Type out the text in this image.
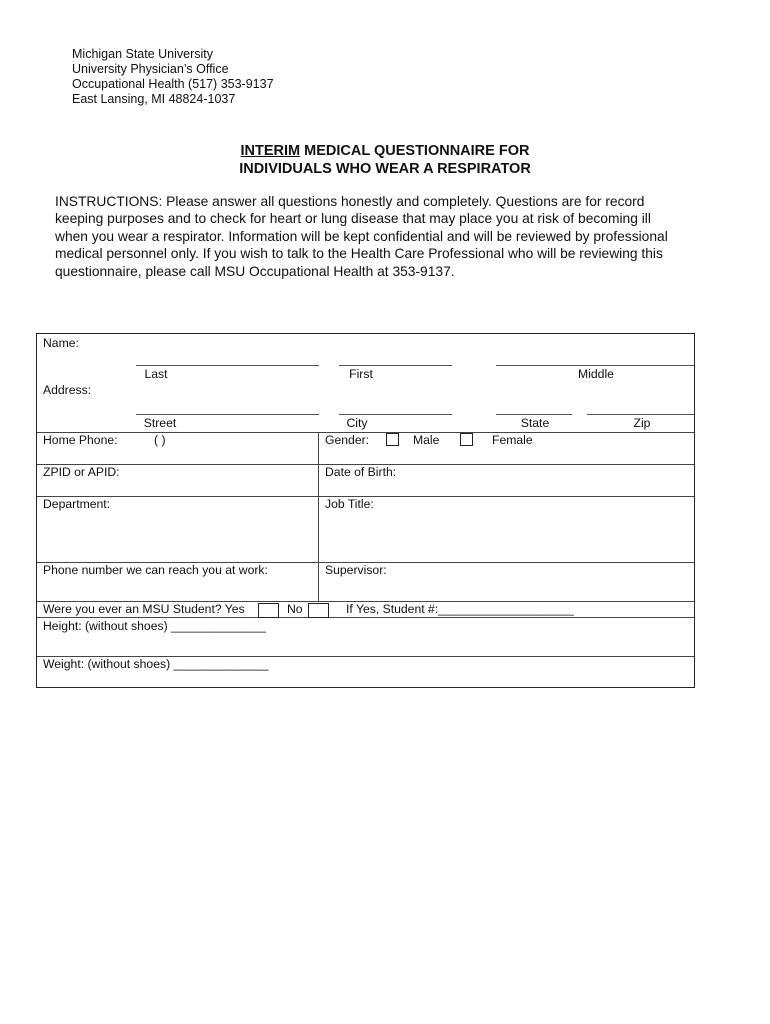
Michigan State University
University Physician’s Office
Occupational Health (517) 353-9137
East Lansing, MI 48824-1037
INTERIM MEDICAL QUESTIONNAIRE FOR
INDIVIDUALS WHO WEAR A RESPIRATOR
INSTRUCTIONS: Please answer all questions honestly and completely. Questions are for record keeping purposes and to check for heart or lung disease that may place you at risk of becoming ill when you wear a respirator. Information will be kept confidential and will be reviewed by professional medical personnel only. If you wish to talk to the Health Care Professional who will be reviewing this questionnaire, please call MSU Occupational Health at 353-9137.
Name:
Last	First	Middle
Address:
Street	City	State	Zip
Home Phone:	( )	Gender:	Male	Female
ZPID or APID:	Date of Birth:
Department:	Job Title:
Phone number we can reach you at work:	Supervisor:
Were you ever an MSU Student? Yes	No	If Yes, Student #:____________________
Height: (without shoes) ______________
Weight: (without shoes) ______________
